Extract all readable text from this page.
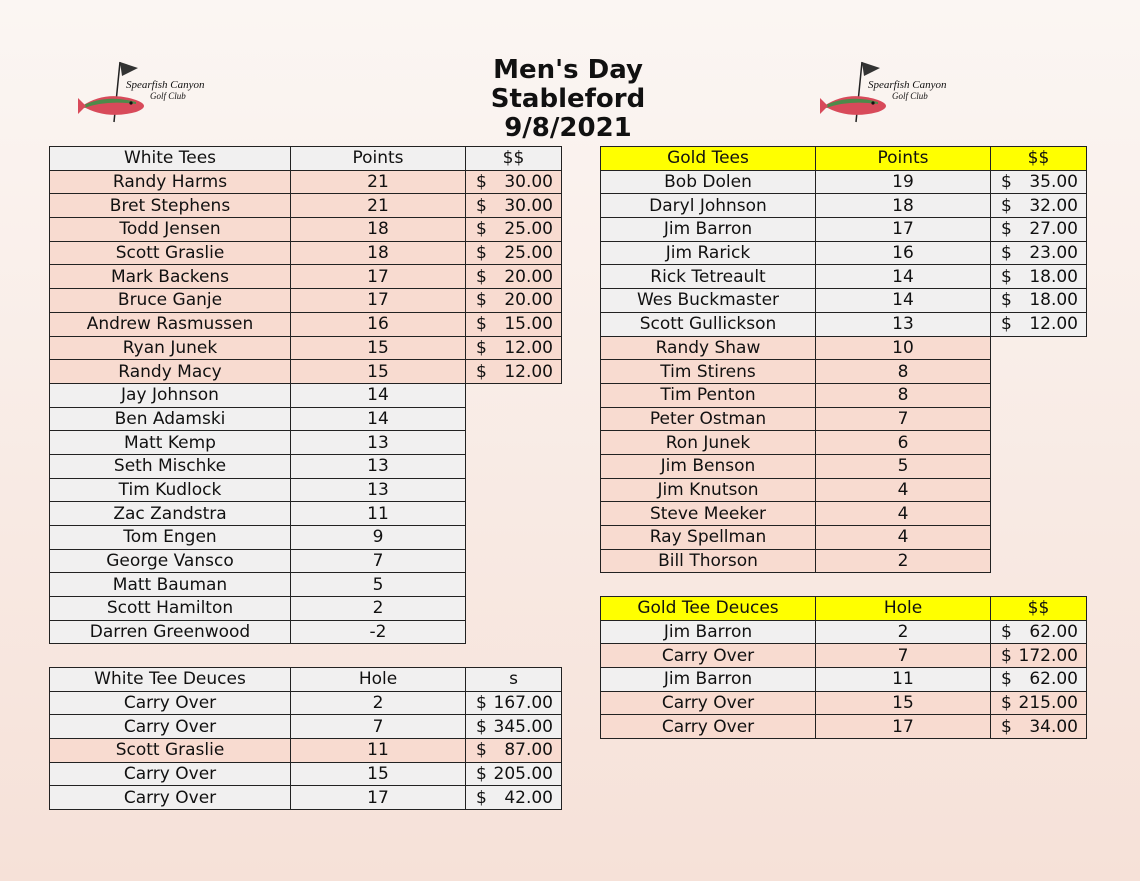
Spearfish Canyon
Golf Club
Spearfish Canyon
Golf Club
Men's Day
Stableford
9/8/2021
White Tees	Points	$$
Randy Harms	21	$ 30.00

Bret Stephens	21	$ 30.00

Todd Jensen	18	$ 25.00

Scott Graslie	18	$ 25.00

Mark Backens	17	$ 20.00

Bruce Ganje	17	$ 20.00

Andrew Rasmussen	16	$ 15.00

Ryan Junek	15	$ 12.00

Randy Macy	15	$ 12.00

Jay Johnson	14	
Ben Adamski	14	
Matt Kemp	13	
Seth Mischke	13	
Tim Kudlock	13	
Zac Zandstra	11	
Tom Engen	9	
George Vansco	7	
Matt Bauman	5	
Scott Hamilton	2	
Darren Greenwood	-2	
White Tee Deuces	Hole	s
Carry Over	2	$ 167.00

Carry Over	7	$ 345.00

Scott Graslie	11	$ 87.00

Carry Over	15	$ 205.00

Carry Over	17	$ 42.00
Gold Tees	Points	$$
Bob Dolen	19	$ 35.00

Daryl Johnson	18	$ 32.00

Jim Barron	17	$ 27.00

Jim Rarick	16	$ 23.00

Rick Tetreault	14	$ 18.00

Wes Buckmaster	14	$ 18.00

Scott Gullickson	13	$ 12.00

Randy Shaw	10	
Tim Stirens	8	
Tim Penton	8	
Peter Ostman	7	
Ron Junek	6	
Jim Benson	5	
Jim Knutson	4	
Steve Meeker	4	
Ray Spellman	4	
Bill Thorson	2	
Gold Tee Deuces	Hole	$$
Jim Barron	2	$ 62.00

Carry Over	7	$ 172.00

Jim Barron	11	$ 62.00

Carry Over	15	$ 215.00

Carry Over	17	$ 34.00
